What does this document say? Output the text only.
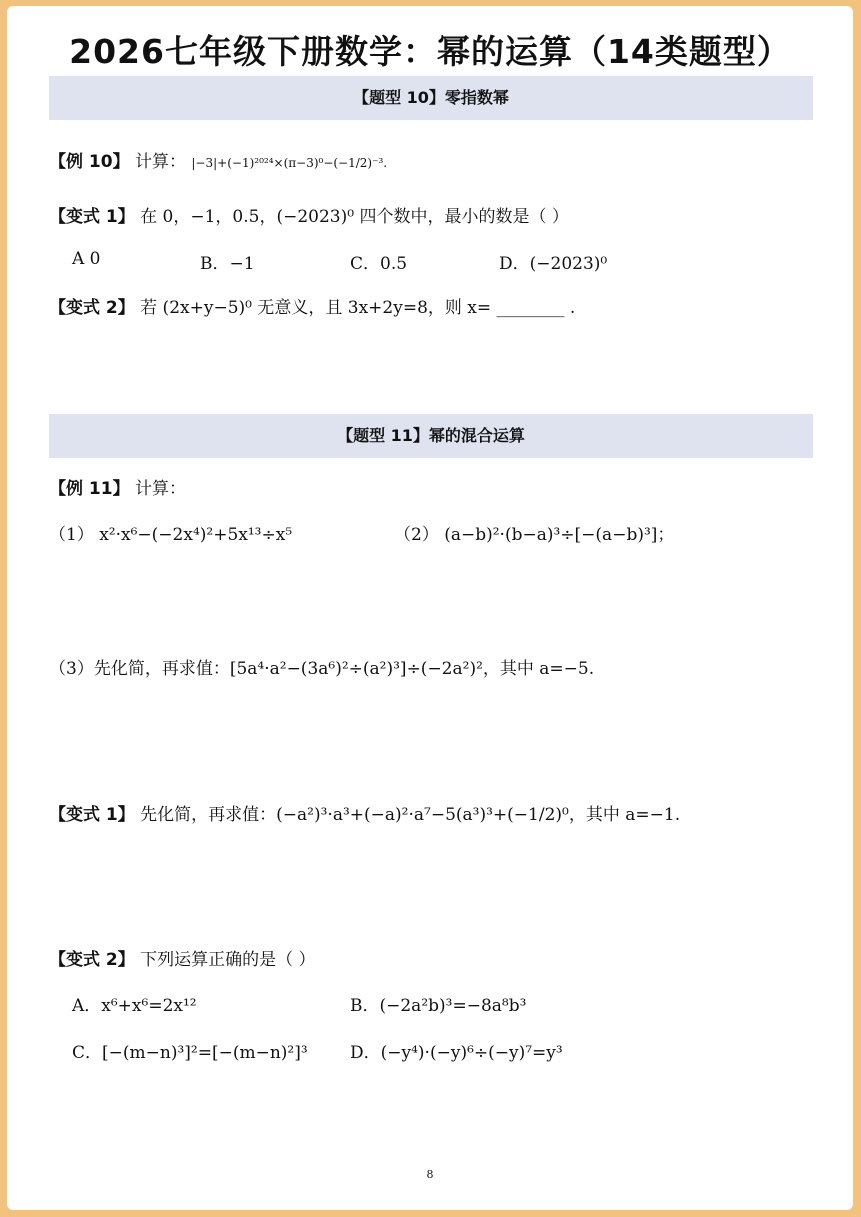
2026七年级下册数学：幂的运算（14类题型）
【题型 10】零指数幂
【例 10】 计算： |−3|+(−1)²⁰²⁴×(π−3)⁰−(−1/2)⁻³.
【变式 1】 在 0，−1，0.5，(−2023)⁰ 四个数中，最小的数是（ ）
A 0	B．−1	C．0.5	D．(−2023)⁰
【变式 2】 若 (2x+y−5)⁰ 无意义，且 3x+2y=8，则 x= ________ .
【题型 11】幂的混合运算
【例 11】 计算：
（1） x²·x⁶−(−2x⁴)²+5x¹³÷x⁵	（2） (a−b)²·(b−a)³÷[−(a−b)³]；
（3）先化简，再求值：[5a⁴·a²−(3a⁶)²÷(a²)³]÷(−2a²)²，其中 a=−5.
【变式 1】 先化简，再求值：(−a²)³·a³+(−a)²·a⁷−5(a³)³+(−1/2)⁰，其中 a=−1.
【变式 2】 下列运算正确的是（ ）
A．x⁶+x⁶=2x¹²	B．(−2a²b)³=−8a⁸b³
C．[−(m−n)³]²=[−(m−n)²]³ D．(−y⁴)·(−y)⁶÷(−y)⁷=y³
8
